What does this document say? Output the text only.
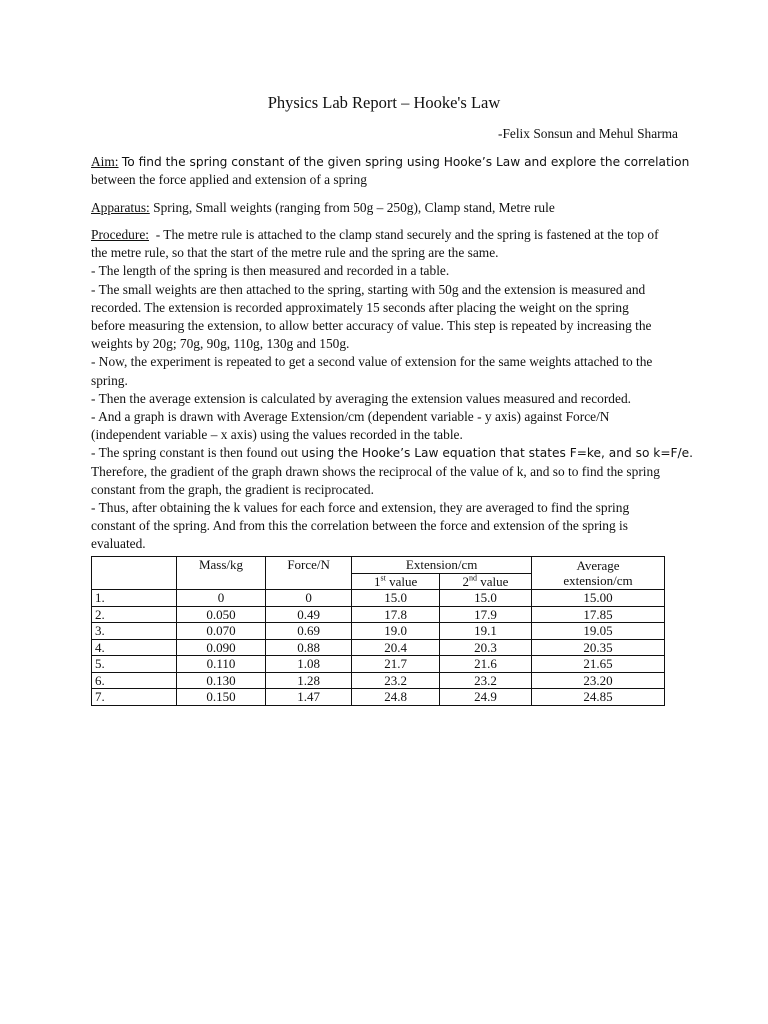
Physics Lab Report – Hooke's Law
-Felix Sonsun and Mehul Sharma
Aim: To find the spring constant of the given spring using Hooke’s Law and explore the correlation
between the force applied and extension of a spring
Apparatus: Spring, Small weights (ranging from 50g – 250g), Clamp stand, Metre rule
Procedure: - The metre rule is attached to the clamp stand securely and the spring is fastened at the top of
the metre rule, so that the start of the metre rule and the spring are the same.
- The length of the spring is then measured and recorded in a table.
- The small weights are then attached to the spring, starting with 50g and the extension is measured and
recorded. The extension is recorded approximately 15 seconds after placing the weight on the spring
before measuring the extension, to allow better accuracy of value. This step is repeated by increasing the
weights by 20g; 70g, 90g, 110g, 130g and 150g.
- Now, the experiment is repeated to get a second value of extension for the same weights attached to the
spring.
- Then the average extension is calculated by averaging the extension values measured and recorded.
- And a graph is drawn with Average Extension/cm (dependent variable - y axis) against Force/N
(independent variable – x axis) using the values recorded in the table.
- The spring constant is then found out using the Hooke’s Law equation that states F=ke, and so k=F/e.
Therefore, the gradient of the graph drawn shows the reciprocal of the value of k, and so to find the spring
constant from the graph, the gradient is reciprocated.
- Thus, after obtaining the k values for each force and extension, they are averaged to find the spring
constant of the spring. And from this the correlation between the force and extension of the spring is
evaluated.
	Mass/kg	Force/N	Extension/cm		Average
extension/cm

			1st value	2nd value	
1.	0	0	15.0	15.0	15.00
2.	0.050	0.49	17.8	17.9	17.85
3.	0.070	0.69	19.0	19.1	19.05
4.	0.090	0.88	20.4	20.3	20.35
5.	0.110	1.08	21.7	21.6	21.65
6.	0.130	1.28	23.2	23.2	23.20
7.	0.150	1.47	24.8	24.9	24.85
